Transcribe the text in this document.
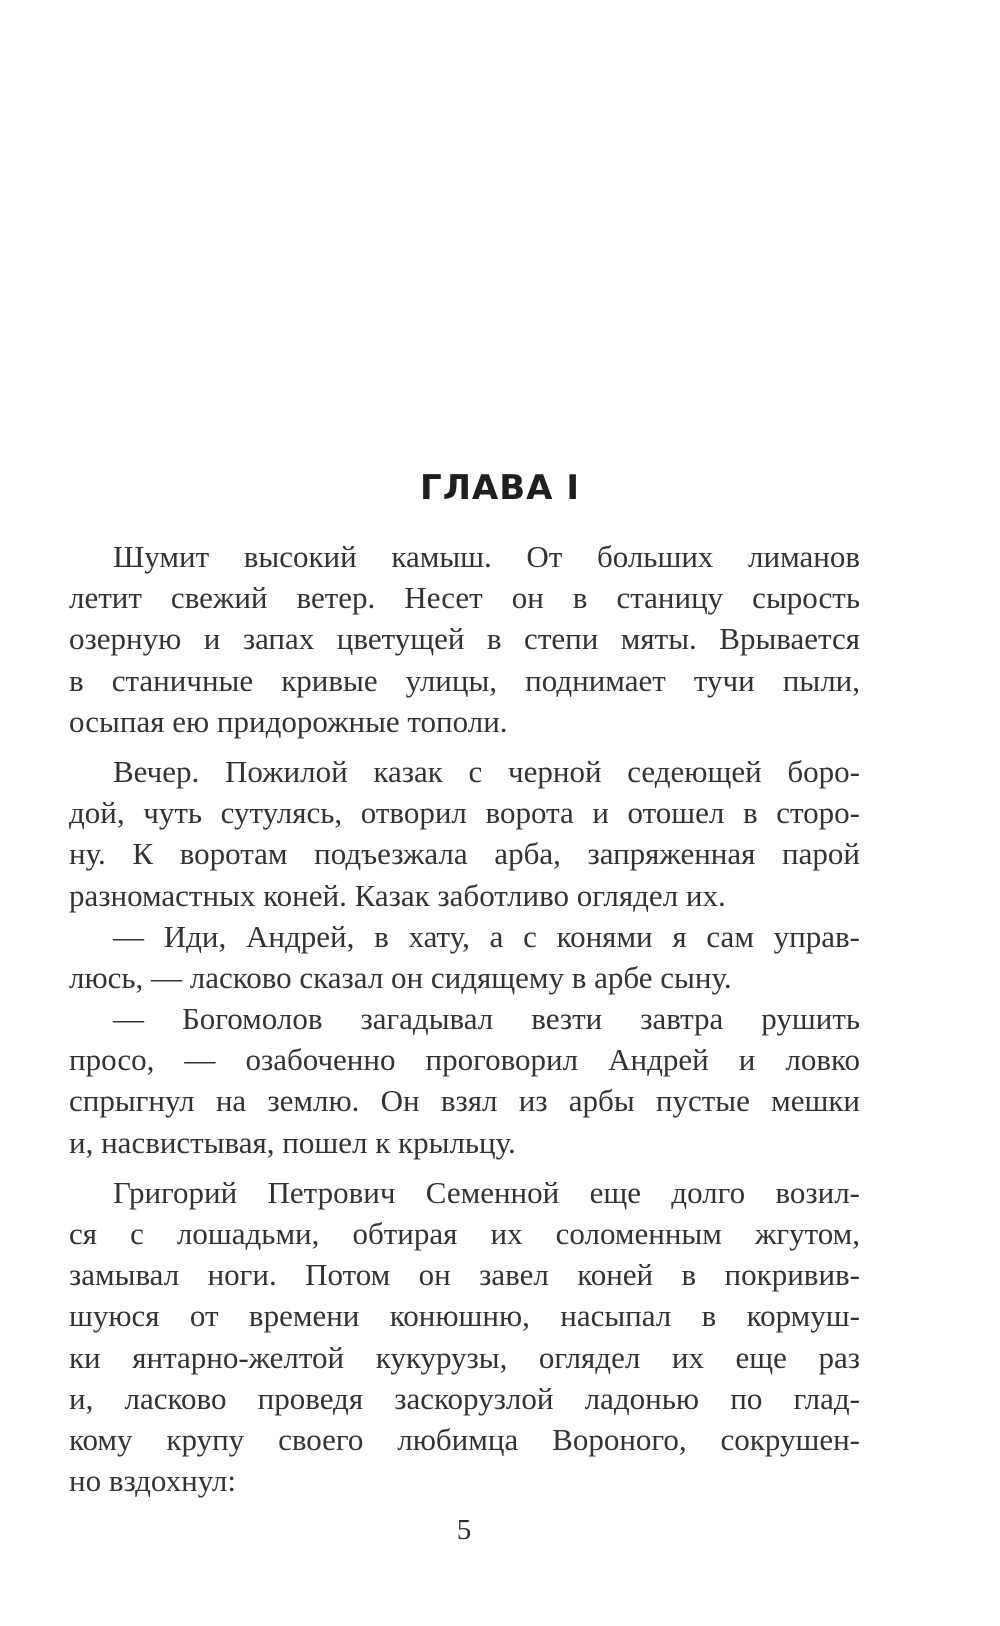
ГЛАВА I
Шумит высокий камыш. От больших лиманов
летит свежий ветер. Несет он в станицу сырость
озерную и запах цветущей в степи мяты. Врывается
в станичные кривые улицы, поднимает тучи пыли,
осыпая ею придорожные тополи.
Вечер. Пожилой казак с черной седеющей боро-
дой, чуть сутулясь, отворил ворота и отошел в сторо-
ну. К воротам подъезжала арба, запряженная парой
разномастных коней. Казак заботливо оглядел их.
— Иди, Андрей, в хату, а с конями я сам управ-
люсь, — ласково сказал он сидящему в арбе сыну.
— Богомолов загадывал везти завтра рушить
просо, — озабоченно проговорил Андрей и ловко
спрыгнул на землю. Он взял из арбы пустые мешки
и, насвистывая, пошел к крыльцу.
Григорий Петрович Семенной еще долго возил-
ся с лошадьми, обтирая их соломенным жгутом,
замывал ноги. Потом он завел коней в покривив-
шуюся от времени конюшню, насыпал в кормуш-
ки янтарно-желтой кукурузы, оглядел их еще раз
и, ласково проведя заскорузлой ладонью по глад-
кому крупу своего любимца Вороного, сокрушен-
но вздохнул:
5
